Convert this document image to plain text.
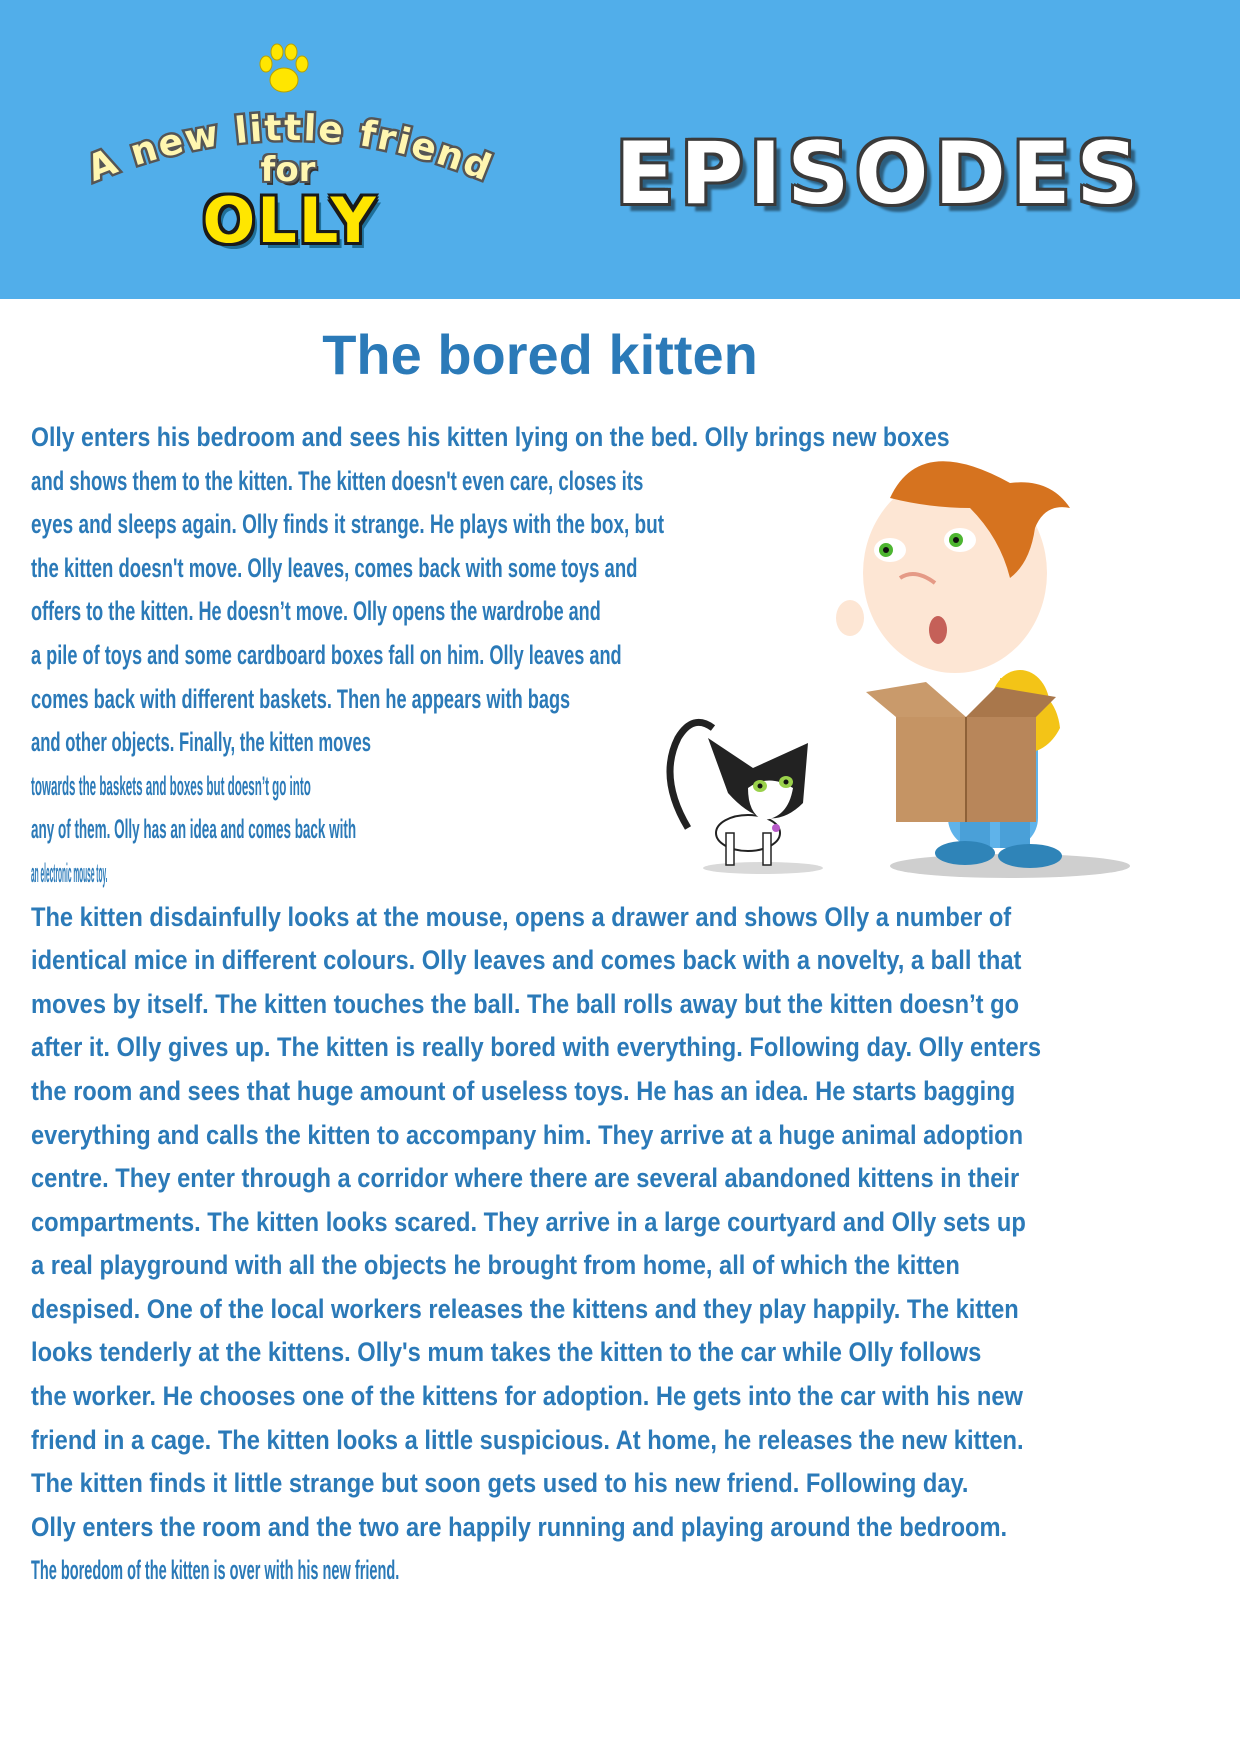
A new little friend
for
OLLY	EPISODES
The bored kitten

Olly enters his bedroom and sees his kitten lying on the bed. Olly brings new boxes
and shows them to the kitten. The kitten doesn't even care, closes its
eyes and sleeps again. Olly finds it strange. He plays with the box, but
the kitten doesn't move. Olly leaves, comes back with some toys and
offers to the kitten. He doesn’t move. Olly opens the wardrobe and
a pile of toys and some cardboard boxes fall on him. Olly leaves and
comes back with different baskets. Then he appears with bags
and other objects. Finally, the kitten moves
towards the baskets and boxes but doesn’t go into
any of them. Olly has an idea and comes back with
an electronic mouse toy.
The kitten disdainfully looks at the mouse, opens a drawer and shows Olly a number of
identical mice in different colours. Olly leaves and comes back with a novelty, a ball that
moves by itself. The kitten touches the ball. The ball rolls away but the kitten doesn’t go
after it. Olly gives up. The kitten is really bored with everything. Following day. Olly enters
the room and sees that huge amount of useless toys. He has an idea. He starts bagging
everything and calls the kitten to accompany him. They arrive at a huge animal adoption
centre. They enter through a corridor where there are several abandoned kittens in their
compartments. The kitten looks scared. They arrive in a large courtyard and Olly sets up
a real playground with all the objects he brought from home, all of which the kitten
despised. One of the local workers releases the kittens and they play happily. The kitten
looks tenderly at the kittens. Olly's mum takes the kitten to the car while Olly follows
the worker. He chooses one of the kittens for adoption. He gets into the car with his new
friend in a cage. The kitten looks a little suspicious. At home, he releases the new kitten.
The kitten finds it little strange but soon gets used to his new friend. Following day.
Olly enters the room and the two are happily running and playing around the bedroom.
The boredom of the kitten is over with his new friend.
